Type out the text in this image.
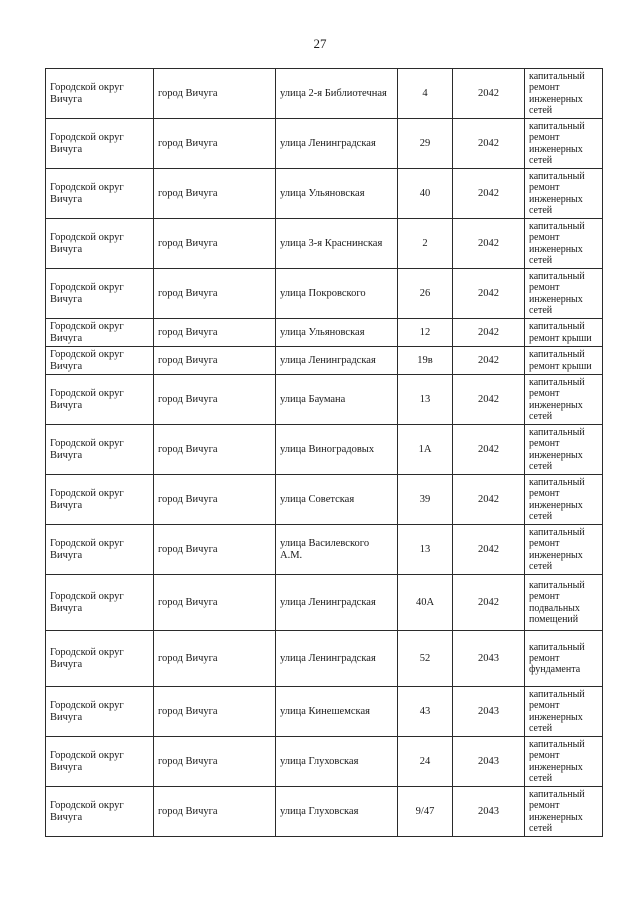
27
Городской округ Вичуга	город Вичуга	улица 2-я Библиотечная	4	2042	капитальный ремонт инженерных сетей
Городской округ Вичуга	город Вичуга	улица Ленинградская	29	2042	капитальный ремонт инженерных сетей
Городской округ Вичуга	город Вичуга	улица Ульяновская	40	2042	капитальный ремонт инженерных сетей
Городской округ Вичуга	город Вичуга	улица 3-я Краснинская	2	2042	капитальный ремонт инженерных сетей
Городской округ Вичуга	город Вичуга	улица Покровского	26	2042	капитальный ремонт инженерных сетей
Городской округ Вичуга	город Вичуга	улица Ульяновская	12	2042	капитальный ремонт крыши
Городской округ Вичуга	город Вичуга	улица Ленинградская	19в	2042	капитальный ремонт крыши
Городской округ Вичуга	город Вичуга	улица Баумана	13	2042	капитальный ремонт инженерных сетей
Городской округ Вичуга	город Вичуга	улица Виноградовых	1А	2042	капитальный ремонт инженерных сетей
Городской округ Вичуга	город Вичуга	улица Советская	39	2042	капитальный ремонт инженерных сетей
Городской округ Вичуга	город Вичуга	улица Василевского А.М.	13	2042	капитальный ремонт инженерных сетей
Городской округ Вичуга	город Вичуга	улица Ленинградская	40А	2042	капитальный ремонт подвальных помещений
Городской округ Вичуга	город Вичуга	улица Ленинградская	52	2043	капитальный ремонт фундамента
Городской округ Вичуга	город Вичуга	улица Кинешемская	43	2043	капитальный ремонт инженерных сетей
Городской округ Вичуга	город Вичуга	улица Глуховская	24	2043	капитальный ремонт инженерных сетей
Городской округ Вичуга	город Вичуга	улица Глуховская	9/47	2043	капитальный ремонт инженерных сетей
